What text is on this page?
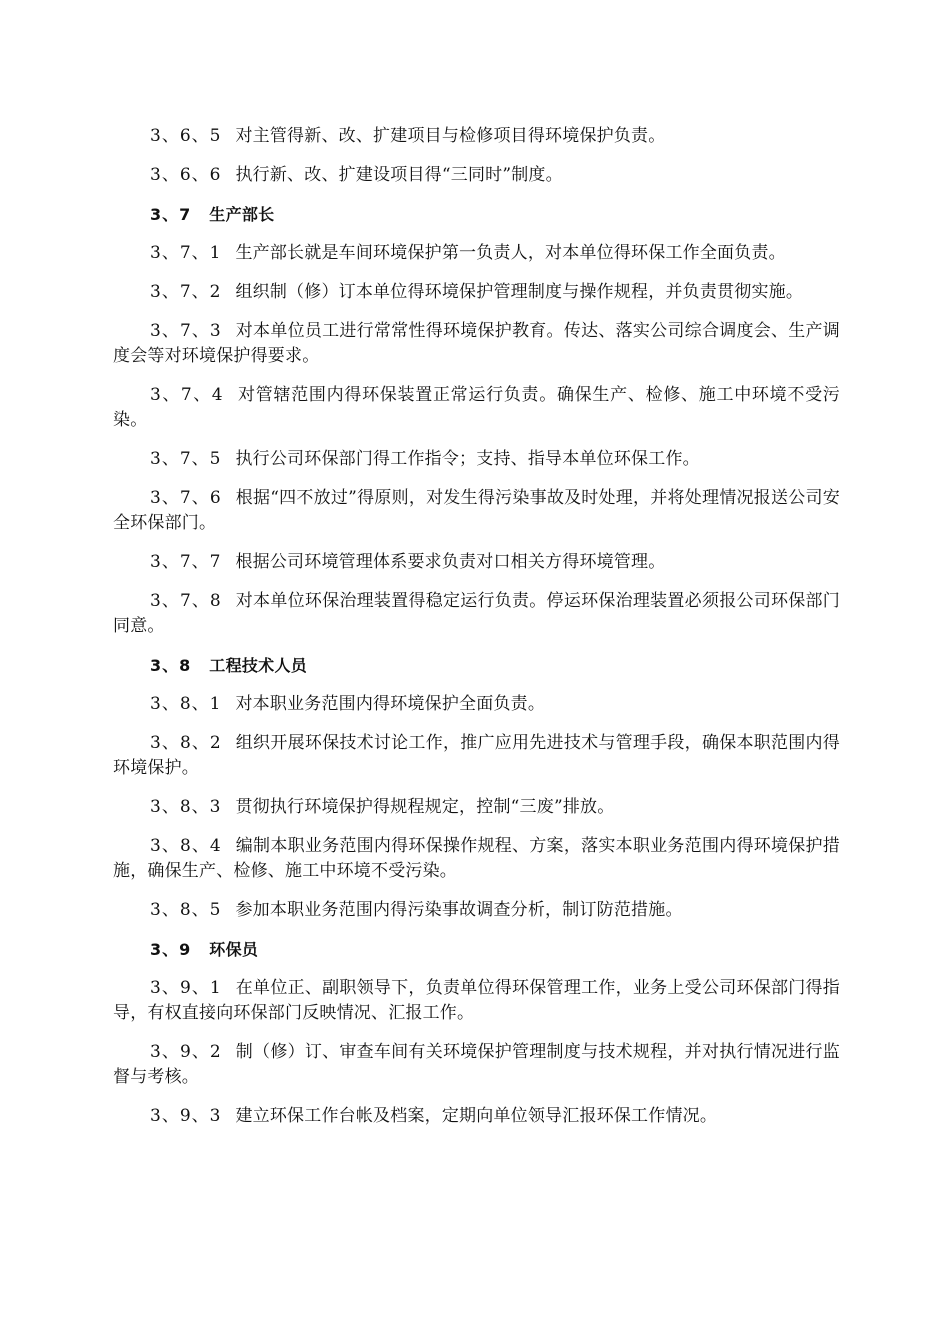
3、6、5 对主管得新、改、扩建项目与检修项目得环境保护负责。

3、6、6 执行新、改、扩建设项目得“三同时”制度。

3、7 生产部长

3、7、1 生产部长就是车间环境保护第一负责人，对本单位得环保工作全面负责。

3、7、2 组织制（修）订本单位得环境保护管理制度与操作规程，并负责贯彻实施。

3、7、3 对本单位员工进行常常性得环境保护教育。传达、落实公司综合调度会、生产调度会等对环境保护得要求。

3、7、4 对管辖范围内得环保装置正常运行负责。确保生产、检修、施工中环境不受污染。

3、7、5 执行公司环保部门得工作指令；支持、指导本单位环保工作。

3、7、6 根据“四不放过”得原则，对发生得污染事故及时处理，并将处理情况报送公司安全环保部门。

3、7、7 根据公司环境管理体系要求负责对口相关方得环境管理。

3、7、8 对本单位环保治理装置得稳定运行负责。停运环保治理装置必须报公司环保部门同意。

3、8 工程技术人员

3、8、1 对本职业务范围内得环境保护全面负责。

3、8、2 组织开展环保技术讨论工作，推广应用先进技术与管理手段，确保本职范围内得环境保护。

3、8、3 贯彻执行环境保护得规程规定，控制“三废”排放。

3、8、4 编制本职业务范围内得环保操作规程、方案，落实本职业务范围内得环境保护措施，确保生产、检修、施工中环境不受污染。

3、8、5 参加本职业务范围内得污染事故调查分析，制订防范措施。

3、9 环保员

3、9、1 在单位正、副职领导下，负责单位得环保管理工作，业务上受公司环保部门得指导，有权直接向环保部门反映情况、汇报工作。

3、9、2 制（修）订、审查车间有关环境保护管理制度与技术规程，并对执行情况进行监督与考核。

3、9、3 建立环保工作台帐及档案，定期向单位领导汇报环保工作情况。
